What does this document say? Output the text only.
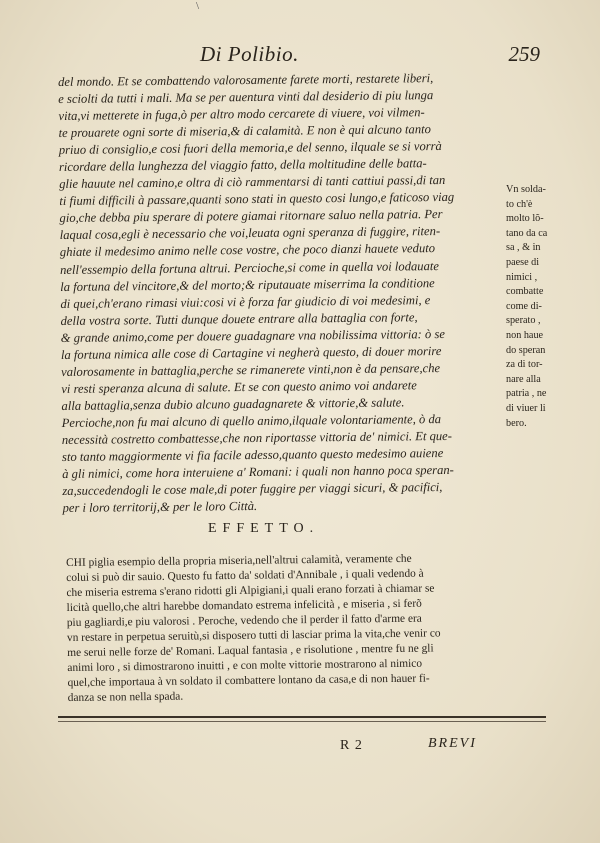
\
Di Polibio.	259
del mondo. Et se combattendo valorosamente farete morti, restarete liberi,
e sciolti da tutti i mali. Ma se per auentura vinti dal desiderio di piu lunga
vita,vi metterete in fuga,ò per altro modo cercarete di viuere, voi vilmen-
te prouarete ogni sorte di miseria,& di calamità. E non è qui alcuno tanto
priuo di consiglio,e cosi fuori della memoria,e del senno, ilquale se si vorrà
ricordare della lunghezza del viaggio fatto, della moltitudine delle batta-
glie hauute nel camino,e oltra di ciò rammentarsi di tanti cattiui passi,di tan
ti fiumi difficili à passare,quanti sono stati in questo cosi lungo,e faticoso viag
gio,che debba piu sperare di potere giamai ritornare saluo nella patria. Per
laqual cosa,egli è necessario che voi,leuata ogni speranza di fuggire, riten-
ghiate il medesimo animo nelle cose vostre, che poco dianzi hauete veduto
nell'essempio della fortuna altrui. Percioche,si come in quella voi lodauate
la fortuna del vincitore,& del morto;& riputauate miserrima la conditione
di quei,ch'erano rimasi viui:cosi vi è forza far giudicio di voi medesimi, e
della vostra sorte. Tutti dunque douete entrare alla battaglia con forte,
& grande animo,come per douere guadagnare vna nobilissima vittoria: ò se
la fortuna nimica alle cose di Cartagine vi negherà questo, di douer morire
valorosamente in battaglia,perche se rimanerete vinti,non è da pensare,che
vi resti speranza alcuna di salute. Et se con questo animo voi andarete
alla battaglia,senza dubio alcuno guadagnarete & vittorie,& salute.
Percioche,non fu mai alcuno di quello animo,ilquale volontariamente, ò da
necessità costretto combattesse,che non riportasse vittoria de' nimici. Et que-
sto tanto maggiormente vi fia facile adesso,quanto questo medesimo auiene
à gli nimici, come hora interuiene a' Romani: i quali non hanno poca speran-
za,succedendogli le cose male,di poter fuggire per viaggi sicuri, & pacifici,
per i loro territorij,& per le loro Città.
Vn solda-
to ch'è
molto lõ-
tano da ca
sa , & in
paese di
nimici ,
combatte
come di-
sperato ,
non haue
do speran
za di tor-
nare alla
patria , ne
di viuer li
bero.
EFFETTO.
CHI piglia esempio della propria miseria,nell'altrui calamità, veramente che
colui si può dir sauio. Questo fu fatto da' soldati d'Annibale , i quali vedendo à
che miseria estrema s'erano ridotti gli Alpigiani,i quali erano forzati à chiamar se
licità quello,che altri harebbe domandato estrema infelicità , e miseria , si ferõ
piu gagliardi,e piu valorosi . Peroche, vedendo che il perder il fatto d'arme era
vn restare in perpetua seruitù,si disposero tutti di lasciar prima la vita,che venir co
me serui nelle forze de' Romani. Laqual fantasia , e risolutione , mentre fu ne gli
animi loro , si dimostrarono inuitti , e con molte vittorie mostrarono al nimico
quel,che importaua à vn soldato il combattere lontano da casa,e di non hauer fi-
danza se non nella spada.
R 2	BREVI
